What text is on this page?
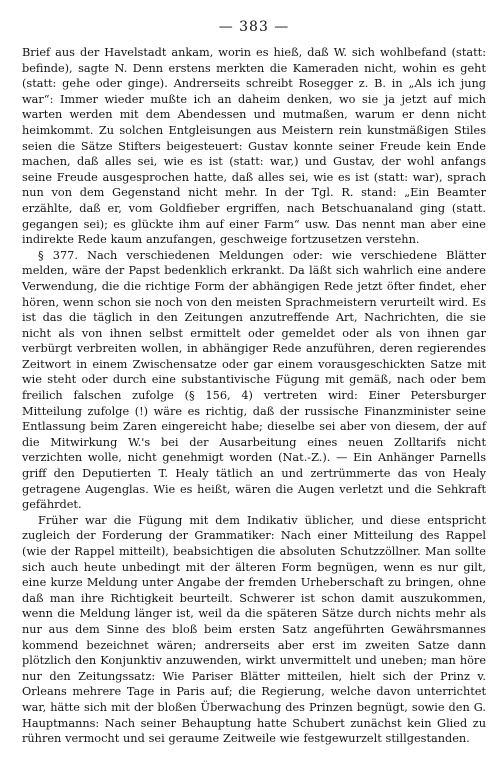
— 383 —

Brief aus der Havelstadt ankam, worin es hieß, daß W. sich wohlbefand (statt: befinde), sagte N. Denn erstens merkten die Kameraden nicht, wohin es geht (statt: gehe oder ginge). Andrerseits schreibt Rosegger z. B. in „Als ich jung war“: Immer wieder mußte ich an daheim denken, wo sie ja jetzt auf mich warten werden mit dem Abendessen und mutmaßen, warum er denn nicht heimkommt. Zu solchen Entgleisungen aus Meistern rein kunstmäßigen Stiles seien die Sätze Stifters beigesteuert: Gustav konnte seiner Freude kein Ende machen, daß alles sei, wie es ist (statt: war,) und Gustav, der wohl anfangs seine Freude ausgesprochen hatte, daß alles sei, wie es ist (statt: war), sprach nun von dem Gegenstand nicht mehr. In der Tgl. R. stand: „Ein Beamter erzählte, daß er, vom Goldfieber ergriffen, nach Betschuanaland ging (statt. gegangen sei); es glückte ihm auf einer Farm“ usw. Das nennt man aber eine indirekte Rede kaum anzufangen, geschweige fortzusetzen verstehn.

§ 377. Nach verschiedenen Meldungen oder: wie verschiedene Blätter melden, wäre der Papst bedenklich erkrankt. Da läßt sich wahrlich eine andere Verwendung, die die richtige Form der abhängigen Rede jetzt öfter findet, eher hören, wenn schon sie noch von den meisten Sprachmeistern verurteilt wird. Es ist das die täglich in den Zeitungen anzutreffende Art, Nachrichten, die sie nicht als von ihnen selbst ermittelt oder gemeldet oder als von ihnen gar verbürgt verbreiten wollen, in abhängiger Rede anzuführen, deren regierendes Zeitwort in einem Zwischensatze oder gar einem vorausgeschickten Satze mit wie steht oder durch eine substantivische Fügung mit gemäß, nach oder bem freilich falschen zufolge (§ 156, 4) vertreten wird: Einer Petersburger Mitteilung zufolge (!) wäre es richtig, daß der russische Finanzminister seine Entlassung beim Zaren eingereicht habe; dieselbe sei aber von diesem, der auf die Mitwirkung W.'s bei der Ausarbeitung eines neuen Zolltarifs nicht verzichten wolle, nicht genehmigt worden (Nat.-Z.). — Ein Anhänger Parnells griff den Deputierten T. Healy tätlich an und zertrümmerte das von Healy getragene Augenglas. Wie es heißt, wären die Augen verletzt und die Sehkraft gefährdet.

Früher war die Fügung mit dem Indikativ üblicher, und diese entspricht zugleich der Forderung der Grammatiker: Nach einer Mitteilung des Rappel (wie der Rappel mitteilt), beabsichtigen die absoluten Schutzzöllner. Man sollte sich auch heute unbedingt mit der älteren Form begnügen, wenn es nur gilt, eine kurze Meldung unter Angabe der fremden Urheberschaft zu bringen, ohne daß man ihre Richtigkeit beurteilt. Schwerer ist schon damit auszukommen, wenn die Meldung länger ist, weil da die späteren Sätze durch nichts mehr als nur aus dem Sinne des bloß beim ersten Satz angeführten Gewährsmannes kommend bezeichnet wären; andrerseits aber erst im zweiten Satze dann plötzlich den Konjunktiv anzuwenden, wirkt unvermittelt und uneben; man höre nur den Zeitungssatz: Wie Pariser Blätter mitteilen, hielt sich der Prinz v. Orleans mehrere Tage in Paris auf; die Regierung, welche davon unterrichtet war, hätte sich mit der bloßen Überwachung des Prinzen begnügt, sowie den G. Hauptmanns: Nach seiner Behauptung hatte Schubert zunächst kein Glied zu rühren vermocht und sei geraume Zeitweile wie festgewurzelt stillgestanden.
